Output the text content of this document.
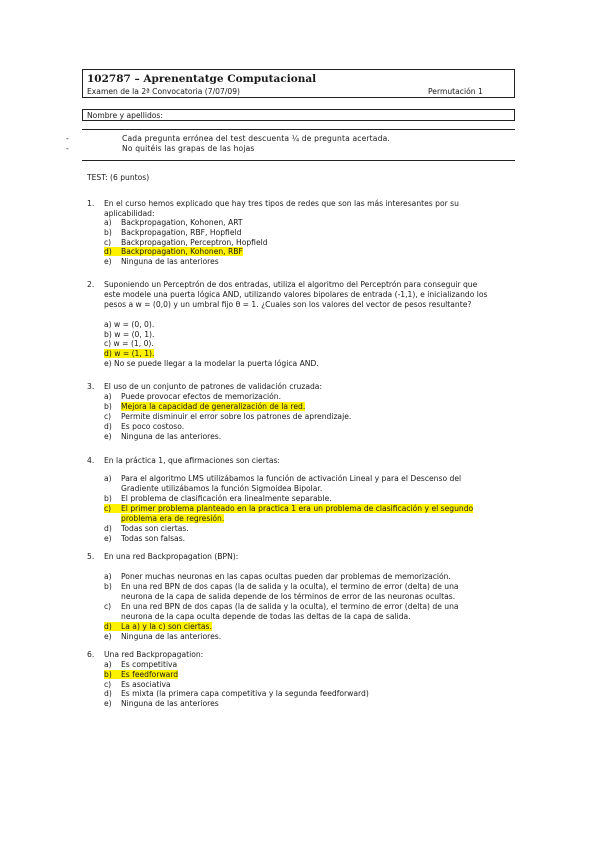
102787 – Aprenentatge Computacional
Examen de la 2ª Convocatoria (7/07/09)	Permutación 1
Nombre y apellidos:
-	Cada pregunta errónea del test descuenta ¼ de pregunta acertada.
-	No quitéis las grapas de las hojas
TEST: (6 puntos)
1. En el curso hemos explicado que hay tres tipos de redes que son las más interesantes por su
aplicabilidad:
a) Backpropagation, Kohonen, ART
b) Backpropagation, RBF, Hopfield
c) Backpropagation, Perceptron, Hopfield
d)	Backpropagation, Kohonen, RBF
e) Ninguna de las anteriores
2. Suponiendo un Perceptrón de dos entradas, utiliza el algoritmo del Perceptrón para conseguir que
este modele una puerta lógica AND, utilizando valores bipolares de entrada (-1,1), e inicializando los
pesos a w = (0,0) y un umbral fijo θ = 1. ¿Cuales son los valores del vector de pesos resultante?
a) w = (0, 0).
b) w = (0, 1).
c) w = (1, 0).
d) w = (1, 1).
e) No se puede llegar a la modelar la puerta lógica AND.
3. El uso de un conjunto de patrones de validación cruzada:
a) Puede provocar efectos de memorización.
b) Mejora la capacidad de generalización de la red.
c) Permite disminuir el error sobre los patrones de aprendizaje.
d) Es poco costoso.
e) Ninguna de las anteriores.
4. En la práctica 1, que afirmaciones son ciertas:
a) Para el algoritmo LMS utilizábamos la función de activación Lineal y para el Descenso del
Gradiente utilizábamos la función Sigmoidea Bipolar.
b) El problema de clasificación era linealmente separable.
c)	El primer problema planteado en la practica 1 era un problema de clasificación y el segundo
problema era de regresión.
d) Todas son ciertas.
e) Todas son falsas.
5. En una red Backpropagation (BPN):
a) Poner muchas neuronas en las capas ocultas pueden dar problemas de memorización.
b) En una red BPN de dos capas (la de salida y la oculta), el termino de error (delta) de una
neurona de la capa de salida depende de los términos de error de las neuronas ocultas.
c) En una red BPN de dos capas (la de salida y la oculta), el termino de error (delta) de una
neurona de la capa oculta depende de todas las deltas de la capa de salida.
d)	La a) y la c) son ciertas.
e) Ninguna de las anteriores.
6. Una red Backpropagation:
a) Es competitiva
b)	Es feedforward
c) Es asociativa
d) Es mixta (la primera capa competitiva y la segunda feedforward)
e) Ninguna de las anteriores
